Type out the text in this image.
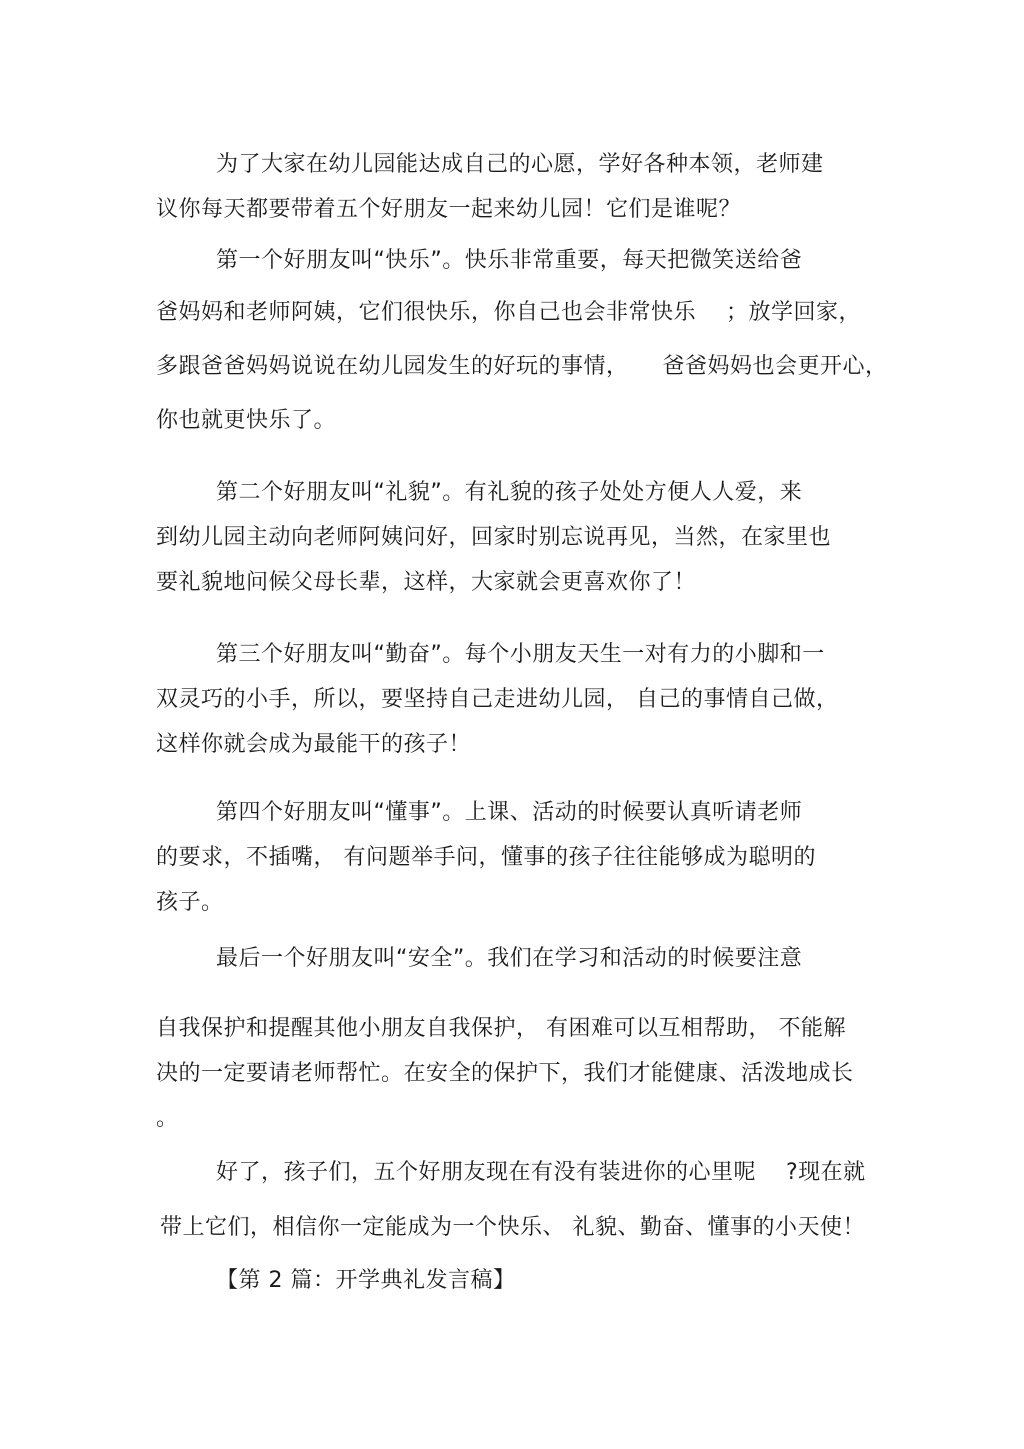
为了大家在幼儿园能达成自己的心愿，学好各种本领，老师建
议你每天都要带着五个好朋友一起来幼儿园！它们是谁呢？
第一个好朋友叫“快乐”。快乐非常重要，每天把微笑送给爸
爸妈妈和老师阿姨，它们很快乐，你自己也会非常快乐　 ；放学回家，
多跟爸爸妈妈说说在幼儿园发生的好玩的事情，　　爸爸妈妈也会更开心，
你也就更快乐了。
第二个好朋友叫“礼貌”。有礼貌的孩子处处方便人人爱，来
到幼儿园主动向老师阿姨问好，回家时别忘说再见，当然，在家里也
要礼貌地问候父母长辈，这样，大家就会更喜欢你了！
第三个好朋友叫“勤奋”。每个小朋友天生一对有力的小脚和一
双灵巧的小手，所以，要坚持自己走进幼儿园， 自己的事情自己做，
这样你就会成为最能干的孩子！
第四个好朋友叫“懂事”。上课、活动的时候要认真听请老师
的要求，不插嘴， 有问题举手问，懂事的孩子往往能够成为聪明的
孩子。
最后一个好朋友叫“安全”。我们在学习和活动的时候要注意
自我保护和提醒其他小朋友自我保护， 有困难可以互相帮助， 不能解
决的一定要请老师帮忙。在安全的保护下，我们才能健康、活泼地成长
。
好了，孩子们，五个好朋友现在有没有装进你的心里呢　 ?现在就
带上它们，相信你一定能成为一个快乐、 礼貌、勤奋、懂事的小天使！
【第 2 篇：开学典礼发言稿】
